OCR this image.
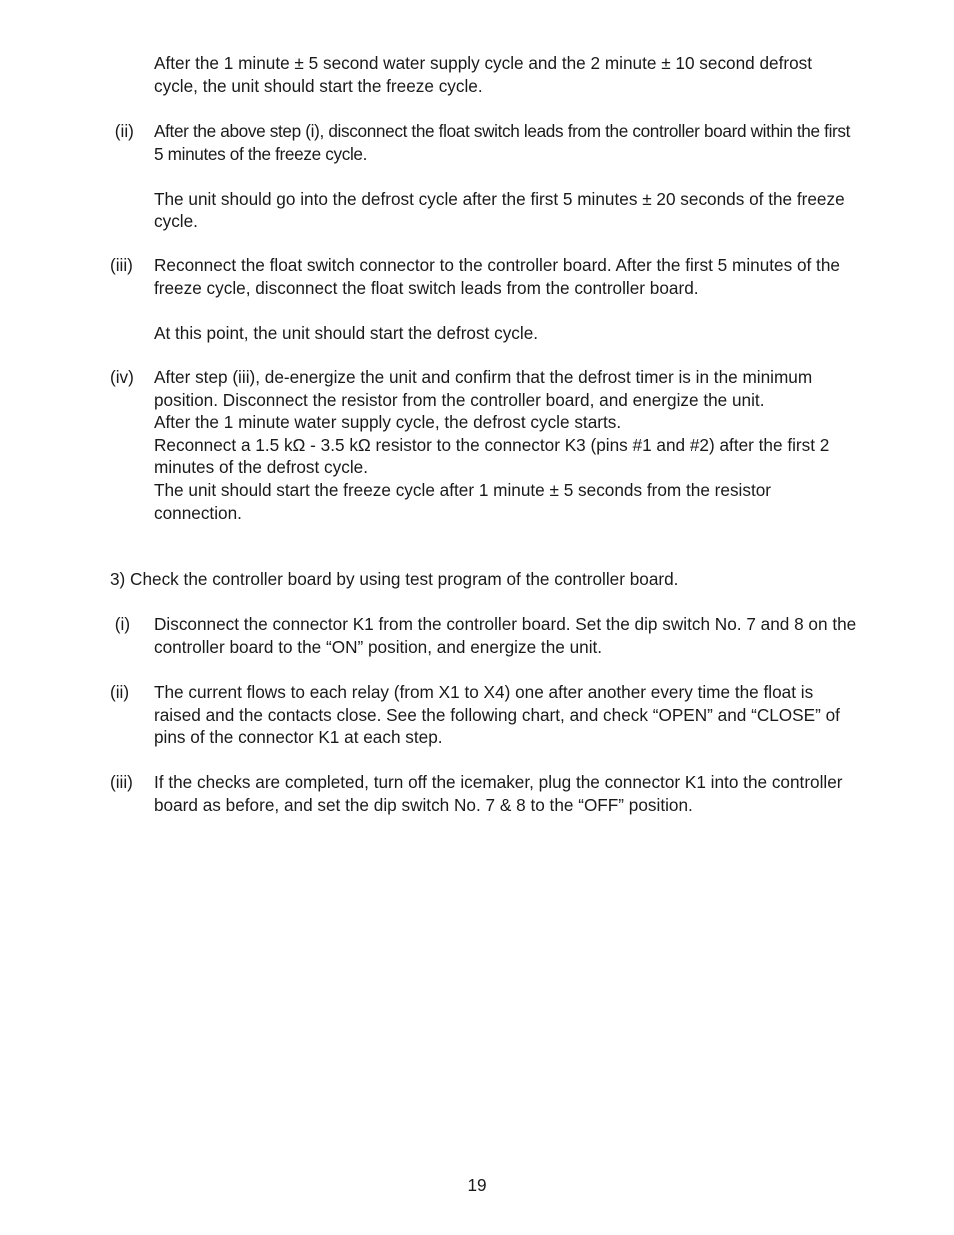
After the 1 minute ± 5 second water supply cycle and the 2 minute ± 10 second defrost cycle, the unit should start the freeze cycle.

(ii)	After the above step (i), disconnect the float switch leads from the controller board within the first 5 minutes of the freeze cycle.

The unit should go into the defrost cycle after the first 5 minutes ± 20 seconds of the freeze cycle.

(iii)	Reconnect the float switch connector to the controller board. After the first 5 minutes of the freeze cycle, disconnect the float switch leads from the controller board.

At this point, the unit should start the defrost cycle.

(iv)	After step (iii), de-energize the unit and confirm that the defrost timer is in the minimum position. Disconnect the resistor from the controller board, and energize the unit.

After the 1 minute water supply cycle, the defrost cycle starts.

Reconnect a 1.5 kΩ - 3.5 kΩ resistor to the connector K3 (pins #1 and #2) after the first 2 minutes of the defrost cycle.

The unit should start the freeze cycle after 1 minute ± 5 seconds from the resistor connection.

3) Check the controller board by using test program of the controller board.

(i)	Disconnect the connector K1 from the controller board. Set the dip switch No. 7 and 8 on the controller board to the “ON” position, and energize the unit.

(ii)	The current flows to each relay (from X1 to X4) one after another every time the float is raised and the contacts close. See the following chart, and check “OPEN” and “CLOSE” of pins of the connector K1 at each step.

(iii)	If the checks are completed, turn off the icemaker, plug the connector K1 into the controller board as before, and set the dip switch No. 7 & 8 to the “OFF” position.

19
